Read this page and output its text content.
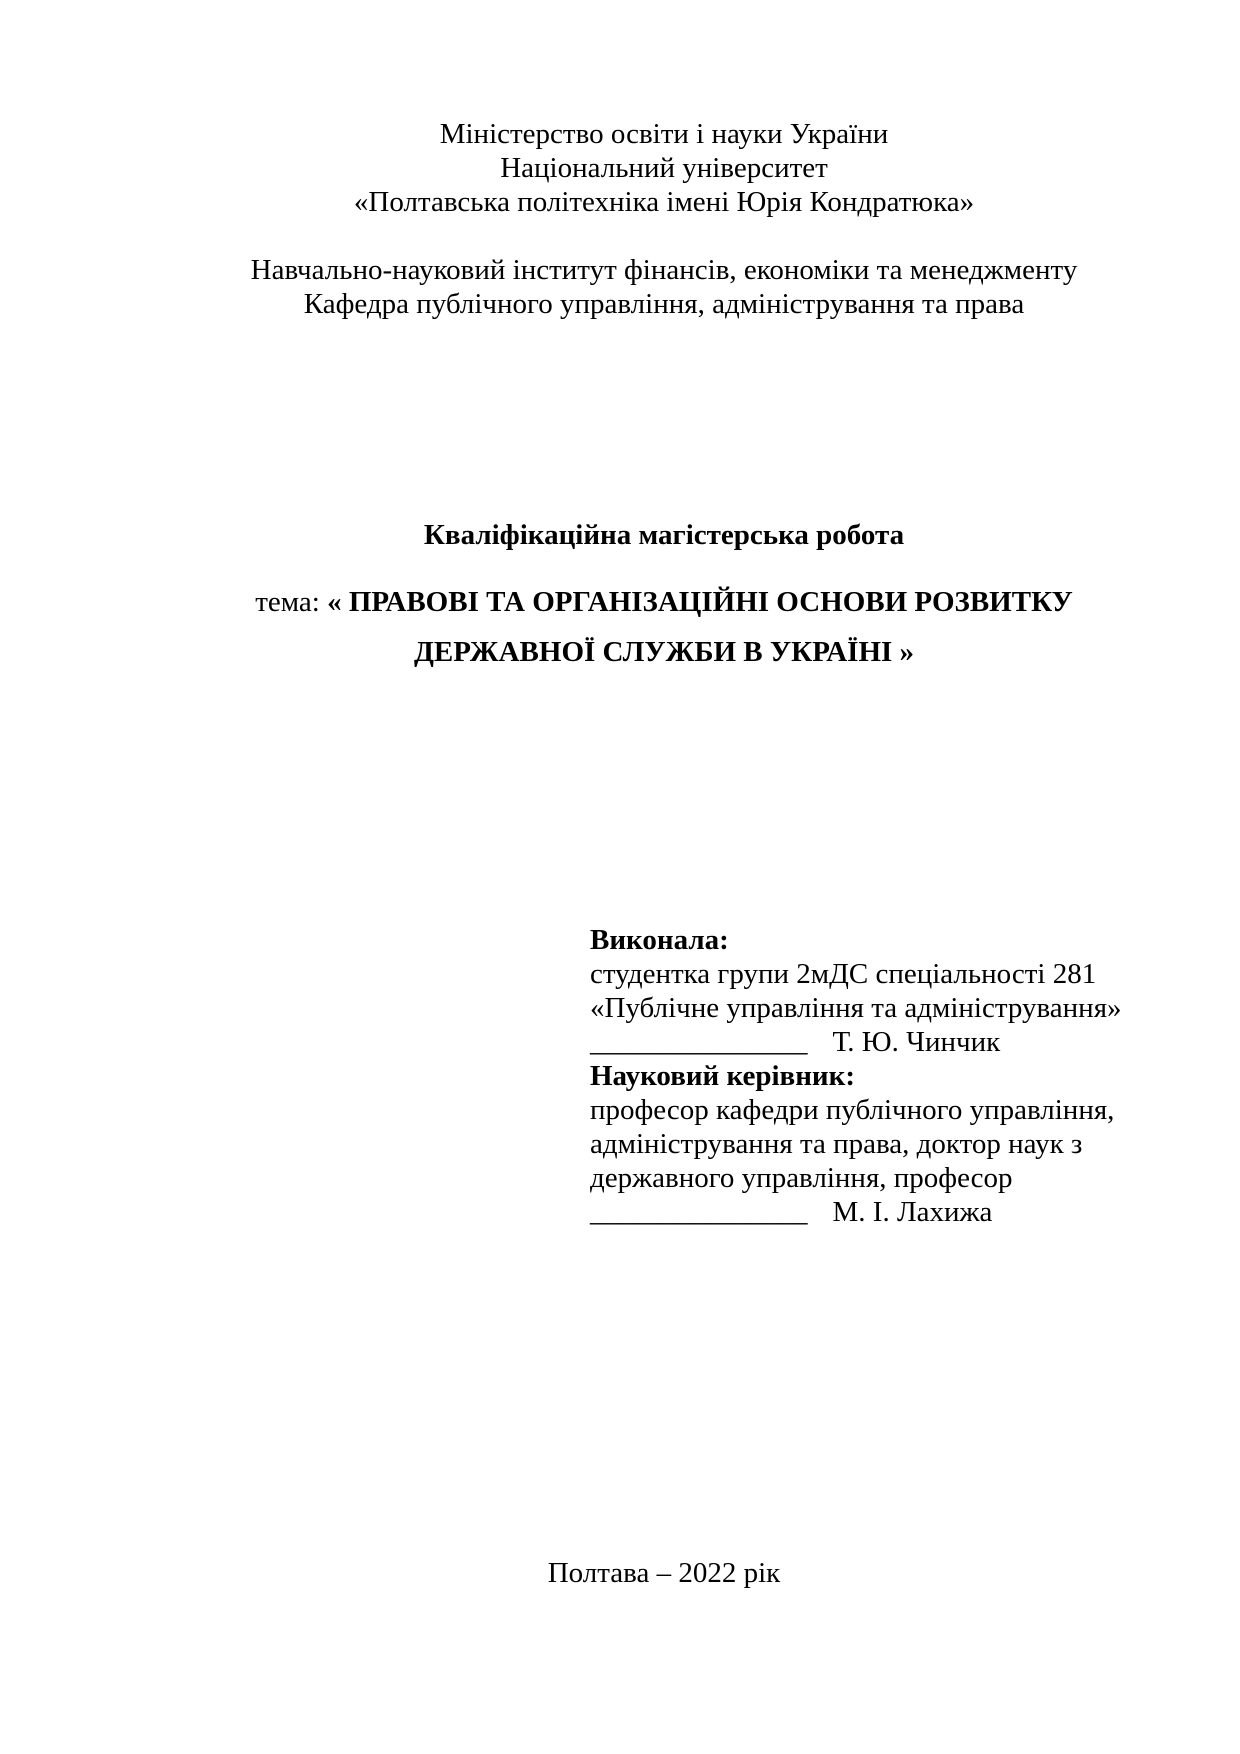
Міністерство освіти і науки України
Національний університет
«Полтавська політехніка імені Юрія Кондратюка»
Навчально-науковий інститут фінансів, економіки та менеджменту
Кафедра публічного управління, адміністрування та права
Кваліфікаційна магістерська робота
тема: « ПРАВОВІ ТА ОРГАНІЗАЦІЙНІ ОСНОВИ РОЗВИТКУ
ДЕРЖАВНОЇ СЛУЖБИ В УКРАЇНІ »
Виконала:
студентка групи 2мДС спеціальності 281
«Публічне управління та адміністрування»
_______________ Т. Ю. Чинчик
Науковий керівник:
професор кафедри публічного управління,
адміністрування та права, доктор наук з
державного управління, професор
_______________ М. І. Лахижа
Полтава – 2022 рік
